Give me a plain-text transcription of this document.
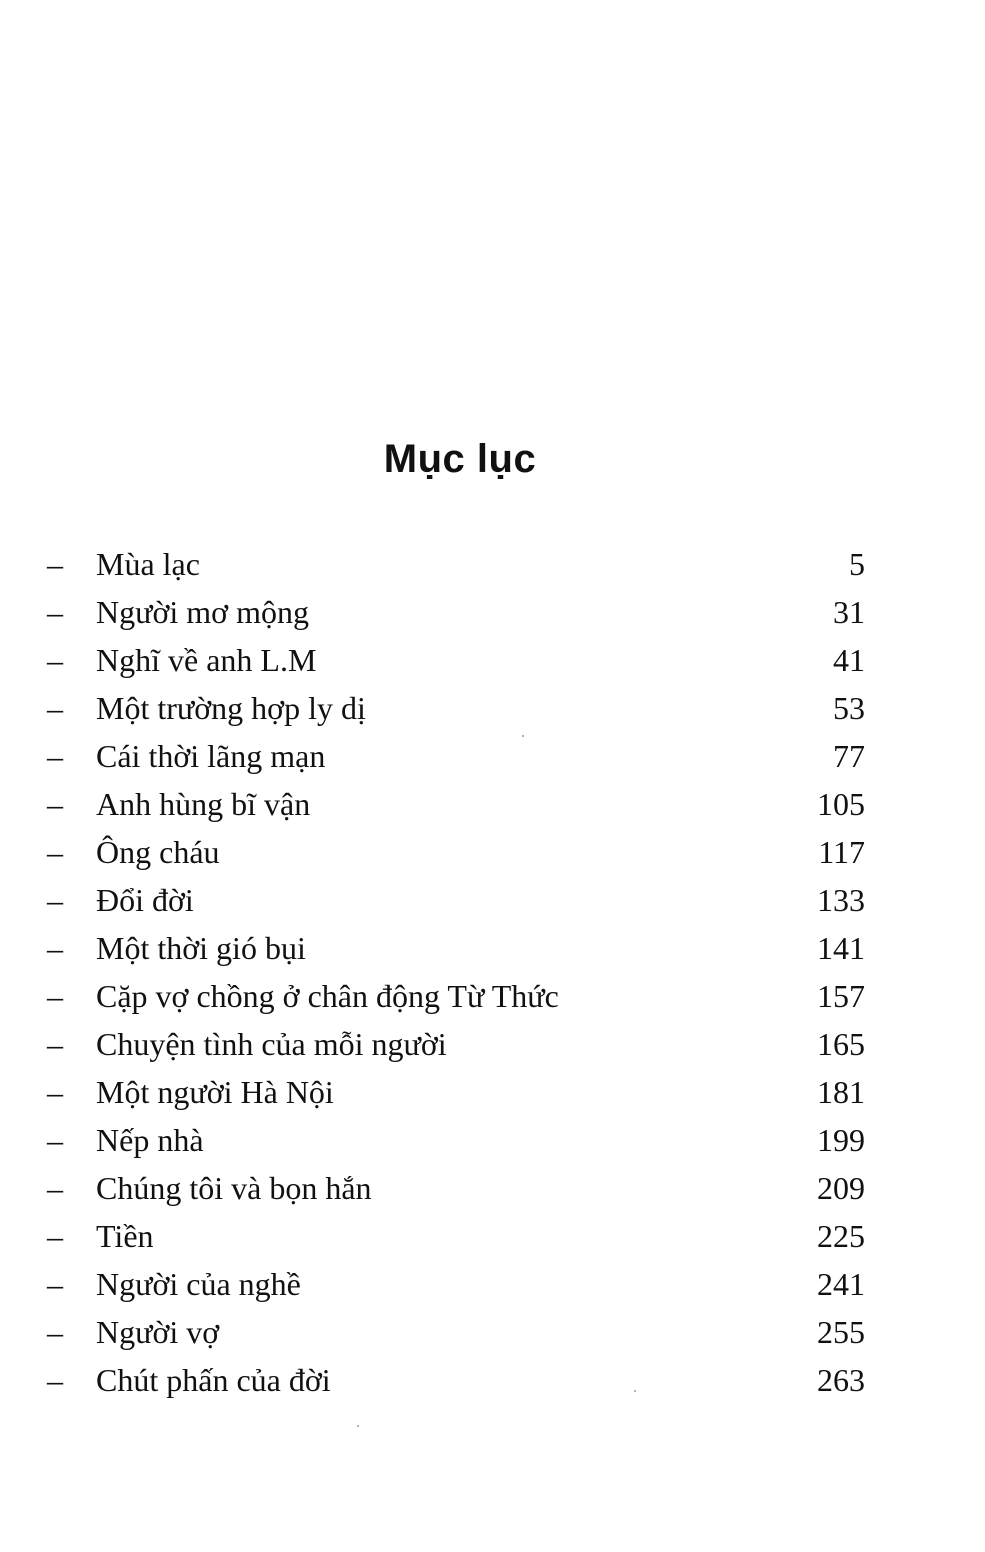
Mục lục
– Mùa lạc	5
– Người mơ mộng	31
– Nghĩ về anh L.M	41
– Một trường hợp ly dị	53
– Cái thời lãng mạn	77
– Anh hùng bĩ vận	105
– Ông cháu	117
– Đổi đời	133
– Một thời gió bụi	141
– Cặp vợ chồng ở chân động Từ Thức	157
– Chuyện tình của mỗi người	165
– Một người Hà Nội	181
– Nếp nhà	199
– Chúng tôi và bọn hắn	209
– Tiền	225
– Người của nghề	241
– Người vợ	255
– Chút phấn của đời	263
